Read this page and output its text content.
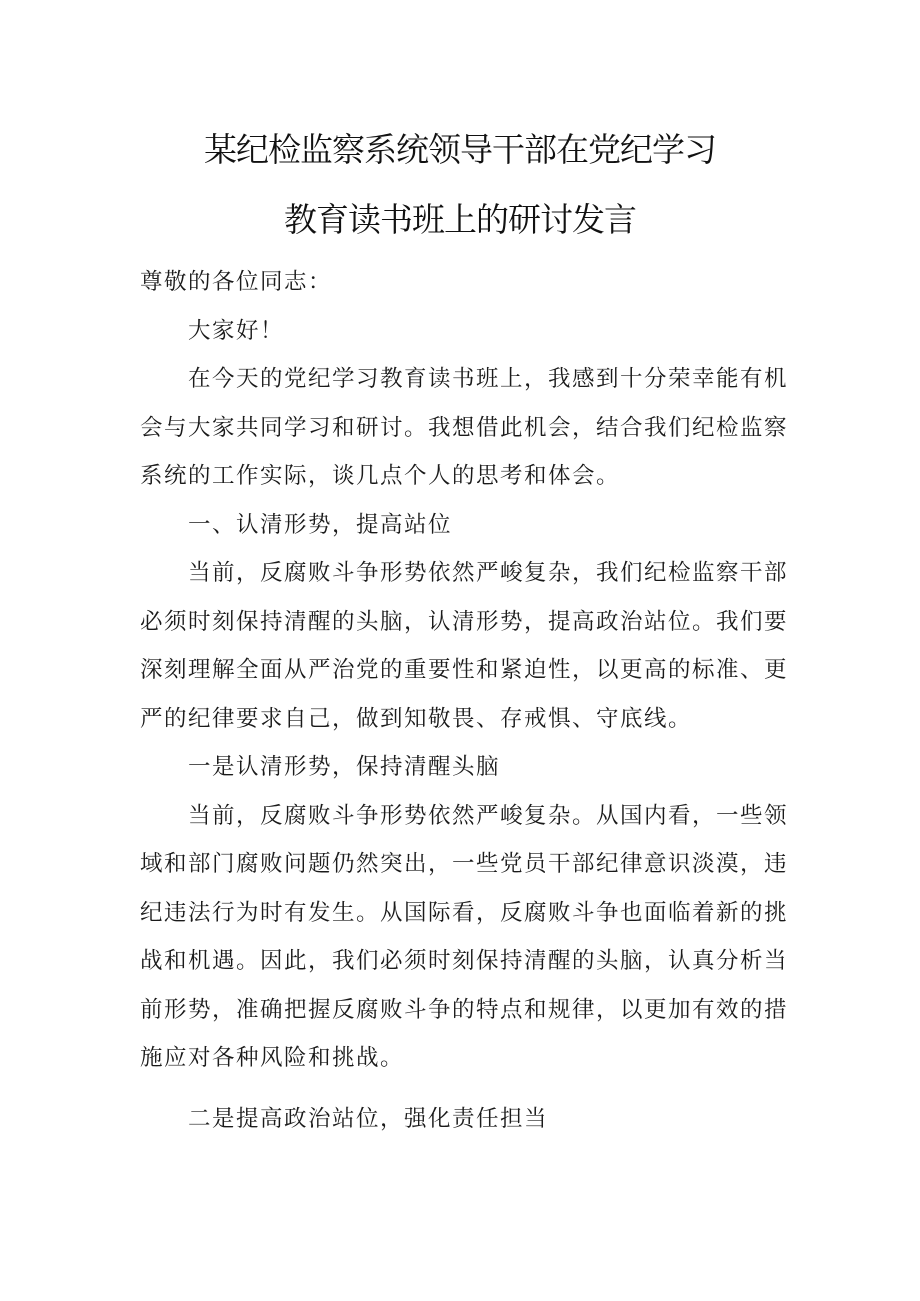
某纪检监察系统领导干部在党纪学习
教育读书班上的研讨发言

尊敬的各位同志：

大家好！

在今天的党纪学习教育读书班上，我感到十分荣幸能有机会与大家共同学习和研讨。我想借此机会，结合我们纪检监察系统的工作实际，谈几点个人的思考和体会。

一、认清形势，提高站位

当前，反腐败斗争形势依然严峻复杂，我们纪检监察干部必须时刻保持清醒的头脑，认清形势，提高政治站位。我们要深刻理解全面从严治党的重要性和紧迫性，以更高的标准、更严的纪律要求自己，做到知敬畏、存戒惧、守底线。

一是认清形势，保持清醒头脑

当前，反腐败斗争形势依然严峻复杂。从国内看，一些领域和部门腐败问题仍然突出，一些党员干部纪律意识淡漠，违纪违法行为时有发生。从国际看，反腐败斗争也面临着新的挑战和机遇。因此，我们必须时刻保持清醒的头脑，认真分析当前形势，准确把握反腐败斗争的特点和规律，以更加有效的措施应对各种风险和挑战。

二是提高政治站位，强化责任担当
